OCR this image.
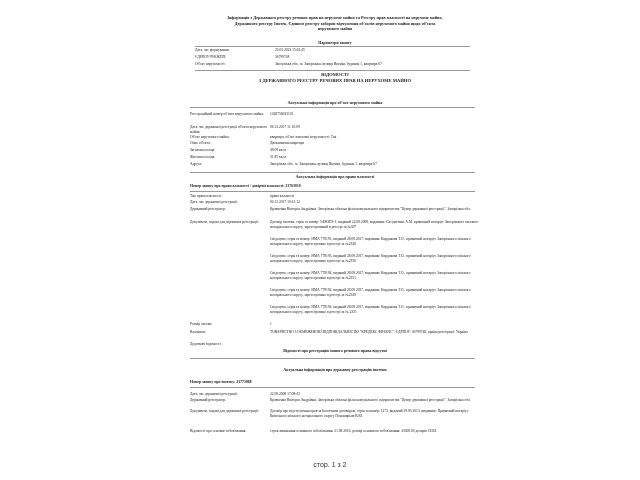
Інформація з Державного реєстру речових прав на нерухоме майно та Реєстру прав власності на нерухоме майно,
Державного реєстру Іпотек, Єдиного реєстру заборон відчуження об'єктів нерухомого майна щодо об'єкта
нерухомого майна
Параметри запиту
Дата, час формування:	25.03.2023 15:02:45
ЄДРПОУ/РНОКПП:	36799748
Об'єкт нерухомості:	Запорізька обл., м. Запоріжжя, вулиця Яценка, будинок 1, квартира 67
ВІДОМОСТІ
З ДЕРЖАВНОГО РЕЄСТРУ РЕЧОВИХ ПРАВ НА НЕРУХОМЕ МАЙНО
Актуальна інформація про об'єкт нерухомого майна
Реєстраційний номер об'єкта нерухомого майна:	1428756023101
Дата, час державної реєстрації об'єкта нерухомого майна:
06.12.2017 11:10:09
Об'єкт нерухомого майна:	квартира, об'єкт житлової нерухомості: Так
Опис об'єкта:	Двокімнатна квартира
Загальна площа:	48.09 кв.м
Житлова площа:	31.85 кв.м
Адреса:	Запорізька обл., м. Запоріжжя, вулиця Яценка, будинок 1, квартира 67
Актуальна інформація про право власності
Номер запису про право власності / довірчої власності: 23763010
Тип права власності:	право власності
Дата, час державної реєстрації:	04.12.2017 10:41:12
Державний реєстратор:	Кравченко Вікторія Андріївна, Запорізька обласна філія комунального підприємства "Центр державної реєстрації", Запорізька обл.
Документи, подані для державної реєстрації:	Договір іпотеки, серія та номер: 5409ЗПЗ-1, виданий 22.08.2008, видавник: Сасідатенко А.М. приватний нотаріус Запорізького міського нотаріального округу, зареєстрований в реєстрі за №307
Свідоцтво, серія та номер: НМА 778191, виданий 28.09.2017, видавник: Кирдакова Т.О., приватний нотаріус Запорізького міського нотаріального округу, зареєстровано в реєстрі за №2348
Свідоцтво, серія та номер: НМА 778193, виданий 28.09.2017, видавник: Кирдакова Т.О., приватний нотаріус Запорізького міського нотаріального округу, зареєстровано в реєстрі за №2350
Свідоцтво, серія та номер: НМА 778194, виданий 28.09.2017, видавник: Кирдакова Т.О., приватний нотаріус Запорізького міського нотаріального округу, зареєстровано в реєстрі за №2351
Свідоцтво, серія та номер: НМА 778192, виданий 28.09.2017, видавник: Кирдакова Т.О., приватний нотаріус Запорізького міського нотаріального округу, зареєстровано в реєстрі за №2349
Свідоцтво, серія та номер: НМА 778194, виданий 28.09.2017, видавник: Кирдакова Т.О., приватний нотаріус Запорізького міського нотаріального округу, зареєстровано в реєстрі за № 2351
Розмір частки:	1
Власники:	ТОВАРИСТВО З ОБМЕЖЕНОЮ ВІДПОВІДАЛЬНІСТЮ "КРЕДЕКС ФІНАНС", ЄДРПОУ: 36799748, країна реєстрації: Україна
Додаткові відомості:
Відомості про реєстрацію іншого речового права відсутні
Актуальна інформація про державну реєстрацію іпотеки
Номер запису про іпотеку: 23773868
Дата, час державної реєстрації:	22.08.2008 17:08:43
Державний реєстратор:	Кравченко Вікторія Андріївна, Запорізька обласна філія комунального підприємства "Центр державної реєстрації", Запорізька обл.
Документи, подані для державної реєстрації:	Договір про відступлення прав за Іпотечним договором, серія та номер: 1273, виданий 29.05.2013, видавник: Приватний нотаріус Київського міського нотаріального округу Пономарьов В.Ю.
Відомості про основне зобов'язання:	строк виконання основного зобов'язання: 21.08.2016, розмір основного зобов'язання: 43300.00 доларів США
стор. 1 з 2
